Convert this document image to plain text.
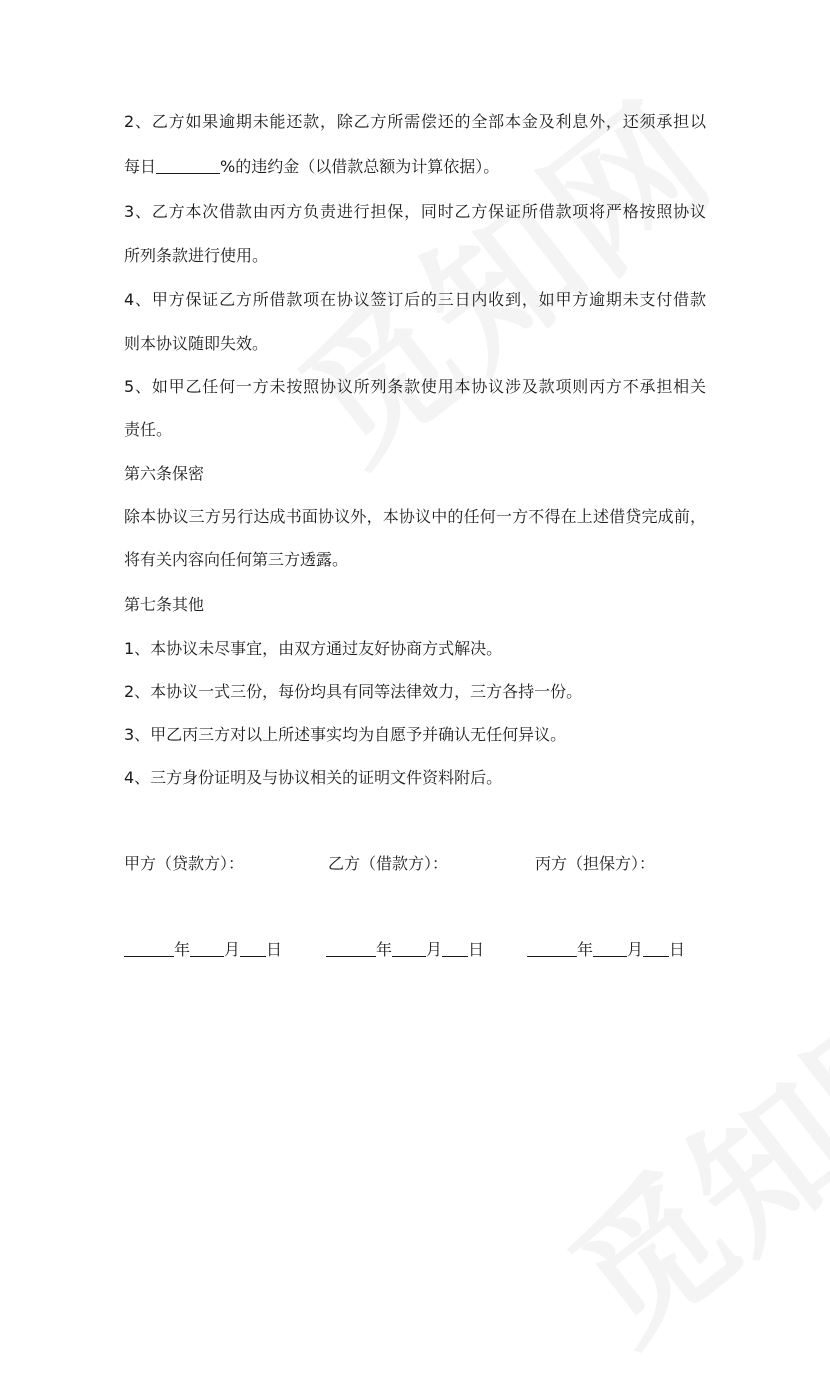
2、乙方如果逾期未能还款，除乙方所需偿还的全部本金及利息外，还须承担以

每日	%的违约金（以借款总额为计算依据）。

3、乙方本次借款由丙方负责进行担保，同时乙方保证所借款项将严格按照协议

所列条款进行使用。

4、甲方保证乙方所借款项在协议签订后的三日内收到，如甲方逾期未支付借款

则本协议随即失效。

5、如甲乙任何一方未按照协议所列条款使用本协议涉及款项则丙方不承担相关

责任。

第六条保密

除本协议三方另行达成书面协议外，本协议中的任何一方不得在上述借贷完成前，

将有关内容向任何第三方透露。

第七条其他

1、本协议未尽事宜，由双方通过友好协商方式解决。

2、本协议一式三份，每份均具有同等法律效力，三方各持一份。

3、甲乙丙三方对以上所述事实均为自愿予并确认无任何异议。

4、三方身份证明及与协议相关的证明文件资料附后。

甲方（贷款方）：	乙方（借款方）：	丙方（担保方）：
年 月 日	年 月 日	年 月 日
